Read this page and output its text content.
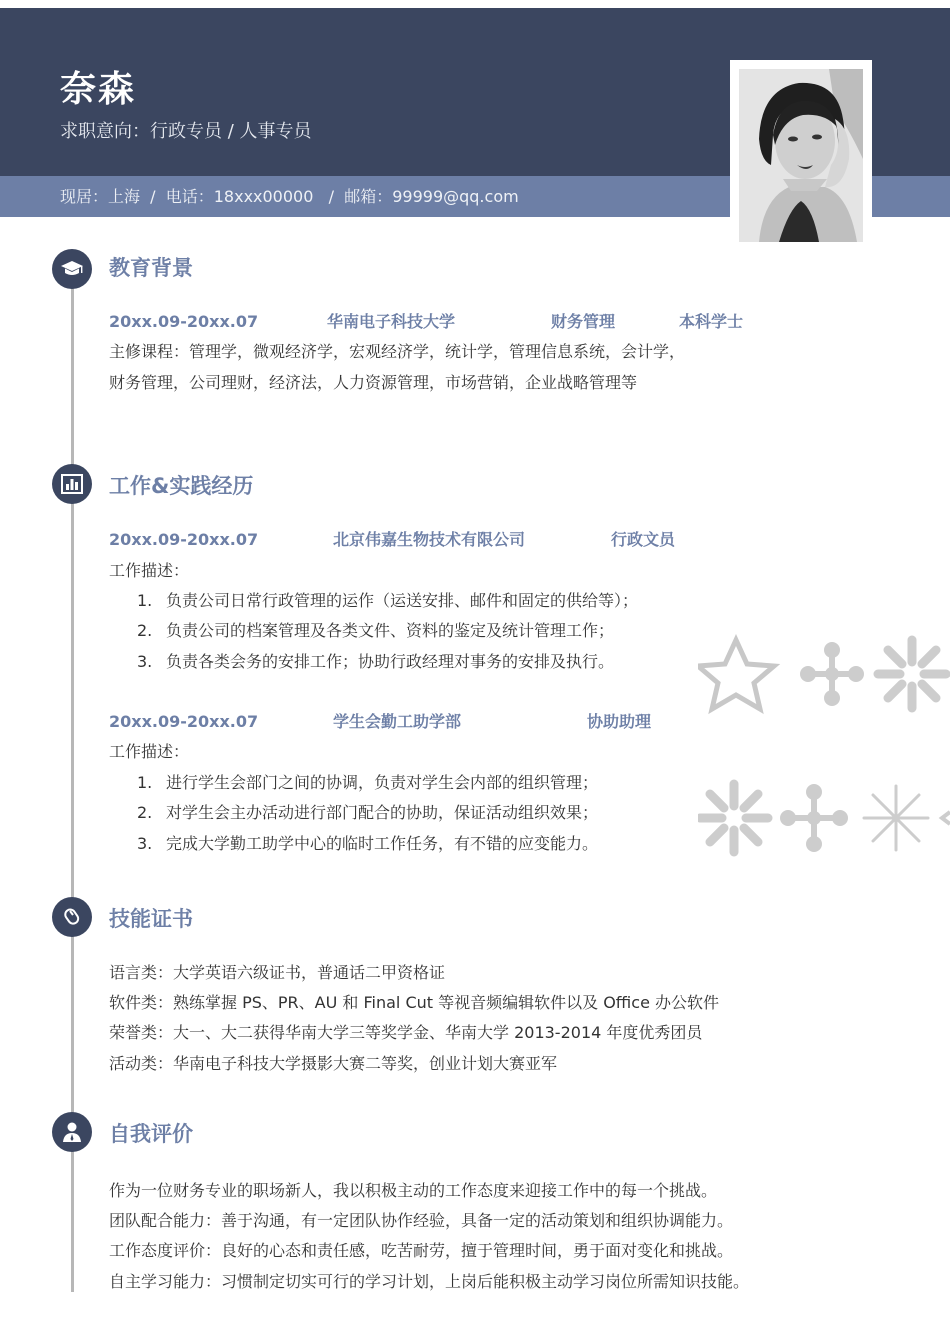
奈森
求职意向：行政专员 / 人事专员
现居：上海  /  电话：18xxx00000   /  邮箱：99999@qq.com
教育背景
20xx.09-20xx.07	华南电子科技大学	财务管理	本科学士
主修课程：管理学，微观经济学，宏观经济学，统计学，管理信息系统，会计学，
财务管理，公司理财，经济法，人力资源管理，市场营销，企业战略管理等
工作&实践经历
20xx.09-20xx.07	北京伟嘉生物技术有限公司	行政文员
工作描述：
1. 负责公司日常行政管理的运作（运送安排、邮件和固定的供给等）；
2. 负责公司的档案管理及各类文件、资料的鉴定及统计管理工作；
3. 负责各类会务的安排工作；协助行政经理对事务的安排及执行。
20xx.09-20xx.07	学生会勤工助学部	协助助理
工作描述：
1. 进行学生会部门之间的协调，负责对学生会内部的组织管理；
2. 对学生会主办活动进行部门配合的协助，保证活动组织效果；
3. 完成大学勤工助学中心的临时工作任务，有不错的应变能力。
技能证书
语言类：大学英语六级证书，普通话二甲资格证
软件类：熟练掌握 PS、PR、AU 和 Final Cut 等视音频编辑软件以及 Office 办公软件
荣誉类：大一、大二获得华南大学三等奖学金、华南大学 2013-2014 年度优秀团员
活动类：华南电子科技大学摄影大赛二等奖，创业计划大赛亚军
自我评价
作为一位财务专业的职场新人，我以积极主动的工作态度来迎接工作中的每一个挑战。
团队配合能力：善于沟通，有一定团队协作经验，具备一定的活动策划和组织协调能力。
工作态度评价：良好的心态和责任感，吃苦耐劳，擅于管理时间，勇于面对变化和挑战。
自主学习能力：习惯制定切实可行的学习计划，上岗后能积极主动学习岗位所需知识技能。
